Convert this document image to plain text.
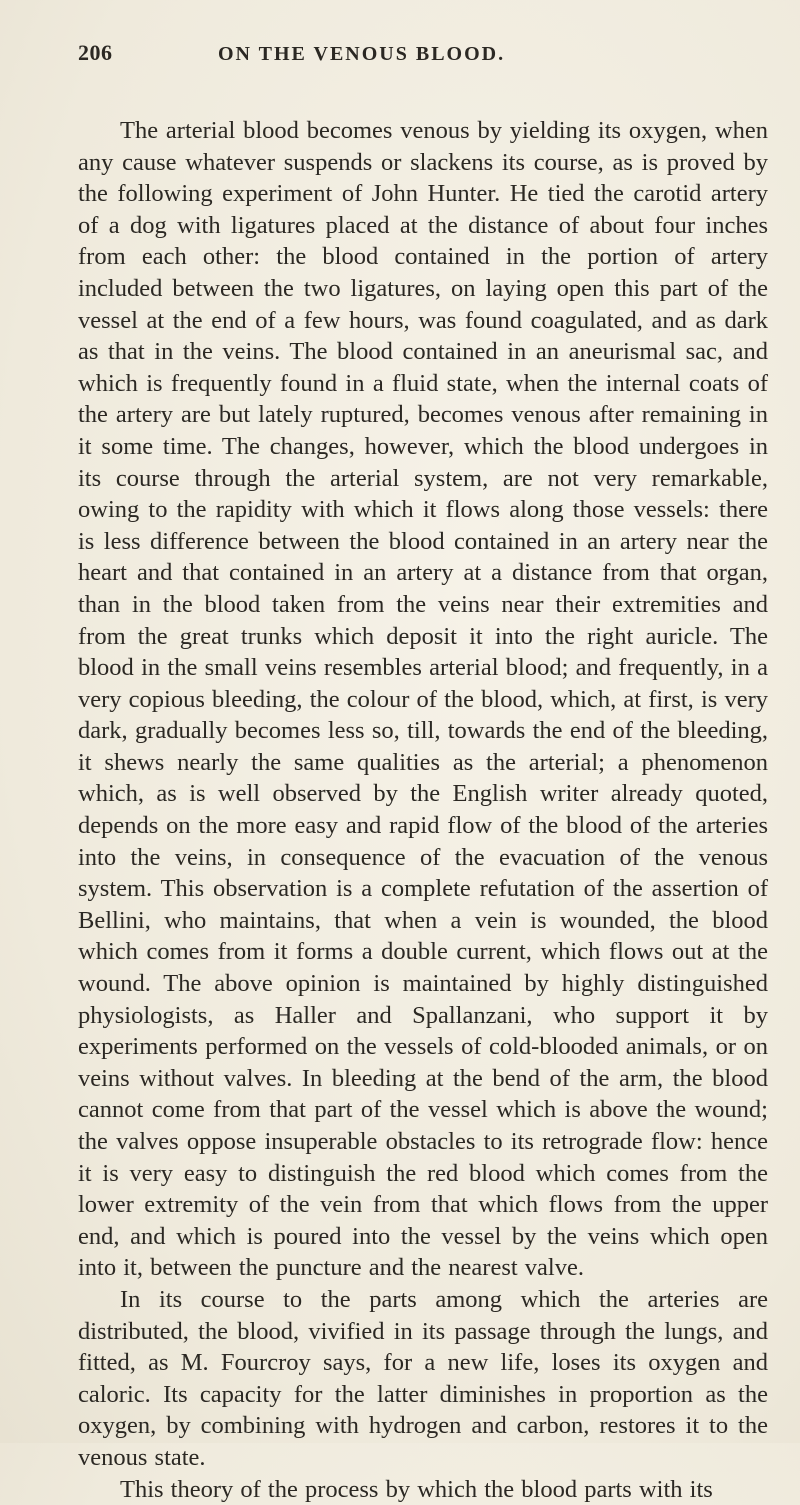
206	ON THE VENOUS BLOOD.

The arterial blood becomes venous by yielding its oxygen, when any cause whatever suspends or slackens its course, as is proved by the following experiment of John Hunter. He tied the carotid artery of a dog with ligatures placed at the distance of about four inches from each other: the blood contained in the portion of artery included between the two ligatures, on laying open this part of the vessel at the end of a few hours, was found coagulated, and as dark as that in the veins. The blood contained in an aneurismal sac, and which is frequently found in a fluid state, when the internal coats of the artery are but lately ruptured, becomes venous after remaining in it some time. The changes, however, which the blood undergoes in its course through the arterial system, are not very remarkable, owing to the rapidity with which it flows along those vessels: there is less difference between the blood contained in an artery near the heart and that contained in an artery at a distance from that organ, than in the blood taken from the veins near their extremities and from the great trunks which deposit it into the right auricle. The blood in the small veins resembles arterial blood; and frequently, in a very copious bleeding, the colour of the blood, which, at first, is very dark, gradually becomes less so, till, towards the end of the bleeding, it shews nearly the same qualities as the arterial; a phenomenon which, as is well observed by the English writer already quoted, depends on the more easy and rapid flow of the blood of the arteries into the veins, in consequence of the evacuation of the venous system. This observation is a complete refutation of the assertion of Bellini, who maintains, that when a vein is wounded, the blood which comes from it forms a double current, which flows out at the wound. The above opinion is maintained by highly distinguished physiologists, as Haller and Spallanzani, who support it by experiments performed on the vessels of cold-blooded animals, or on veins without valves. In bleeding at the bend of the arm, the blood cannot come from that part of the vessel which is above the wound; the valves oppose insuperable obstacles to its retrograde flow: hence it is very easy to distinguish the red blood which comes from the lower extremity of the vein from that which flows from the upper end, and which is poured into the vessel by the veins which open into it, between the puncture and the nearest valve.

In its course to the parts among which the arteries are distributed, the blood, vivified in its passage through the lungs, and fitted, as M. Fourcroy says, for a new life, loses its oxygen and caloric. Its capacity for the latter diminishes in proportion as the oxygen, by combining with hydrogen and carbon, restores it to the venous state.

This theory of the process by which the blood parts with its
